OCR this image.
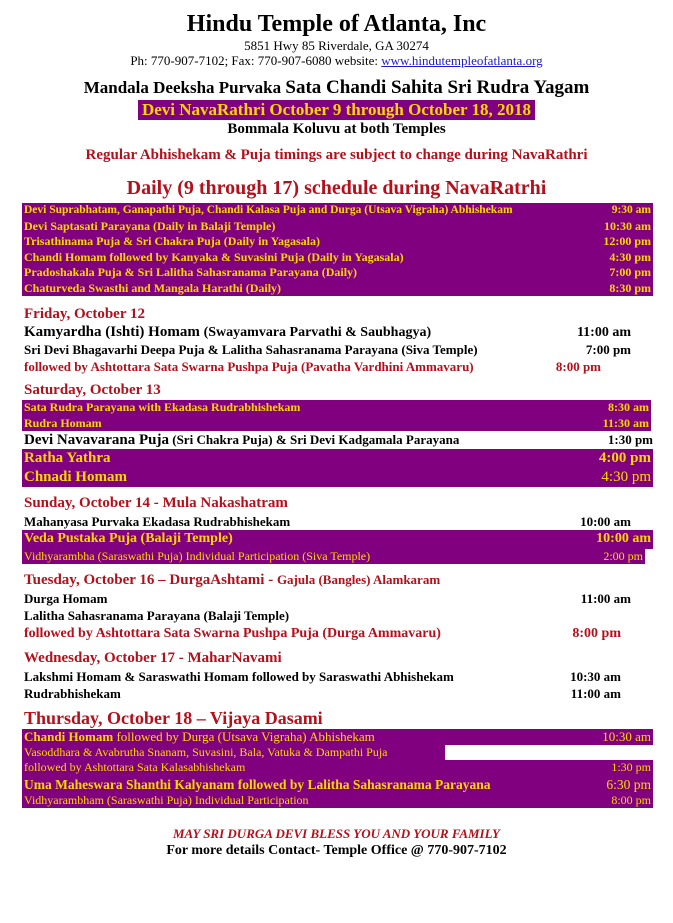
Hindu Temple of Atlanta, Inc
5851 Hwy 85 Riverdale, GA 30274
Ph: 770-907-7102; Fax: 770-907-6080 website: www.hindutempleofatlanta.org
Mandala Deeksha Purvaka Sata Chandi Sahita Sri Rudra Yagam
Devi NavaRathri October 9 through October 18, 2018
Bommala Koluvu at both Temples
Regular Abhishekam & Puja timings are subject to change during NavaRathri
Daily (9 through 17) schedule during NavaRatrhi
Devi Suprabhatam, Ganapathi Puja, Chandi Kalasa Puja and Durga (Utsava Vigraha) Abhishekam	9:30 am
Devi Saptasati Parayana (Daily in Balaji Temple)	10:30 am
Trisathinama Puja & Sri Chakra Puja (Daily in Yagasala)	12:00 pm
Chandi Homam followed by Kanyaka & Suvasini Puja (Daily in Yagasala)	4:30 pm
Pradoshakala Puja & Sri Lalitha Sahasranama Parayana (Daily)	7:00 pm
Chaturveda Swasthi and Mangala Harathi (Daily)	8:30 pm
Friday, October 12
Kamyardha (Ishti) Homam (Swayamvara Parvathi & Saubhagya)	11:00 am
Sri Devi Bhagavarhi Deepa Puja & Lalitha Sahasranama Parayana (Siva Temple)	7:00 pm
followed by Ashtottara Sata Swarna Pushpa Puja (Pavatha Vardhini Ammavaru)	8:00 pm
Saturday, October 13
Sata Rudra Parayana with Ekadasa Rudrabhishekam	8:30 am
Rudra Homam	11:30 am
Devi Navavarana Puja (Sri Chakra Puja) & Sri Devi Kadgamala Parayana	1:30 pm
Ratha Yathra	4:00 pm
Chnadi Homam	4:30 pm
Sunday, October 14 - Mula Nakashatram
Mahanyasa Purvaka Ekadasa Rudrabhishekam	10:00 am
Veda Pustaka Puja (Balaji Temple)	10:00 am
Vidhyarambha (Saraswathi Puja) Individual Participation (Siva Temple)	2:00 pm
Tuesday, October 16 – DurgaAshtami - Gajula (Bangles) Alamkaram
Durga Homam	11:00 am
Lalitha Sahasranama Parayana (Balaji Temple)
followed by Ashtottara Sata Swarna Pushpa Puja (Durga Ammavaru)	8:00 pm
Wednesday, October 17 - MaharNavami
Lakshmi Homam & Saraswathi Homam followed by Saraswathi Abhishekam	10:30 am
Rudrabhishekam	11:00 am
Thursday, October 18 – Vijaya Dasami
Chandi Homam followed by Durga (Utsava Vigraha) Abhishekam	10:30 am
Vasoddhara & Avabrutha Snanam, Suvasini, Bala, Vatuka & Dampathi Puja
followed by Ashtottara Sata Kalasabhishekam	1:30 pm
Uma Maheswara Shanthi Kalyanam followed by Lalitha Sahasranama Parayana	6:30 pm
Vidhyarambham (Saraswathi Puja) Individual Participation	8:00 pm
MAY SRI DURGA DEVI BLESS YOU AND YOUR FAMILY
For more details Contact- Temple Office @ 770-907-7102
